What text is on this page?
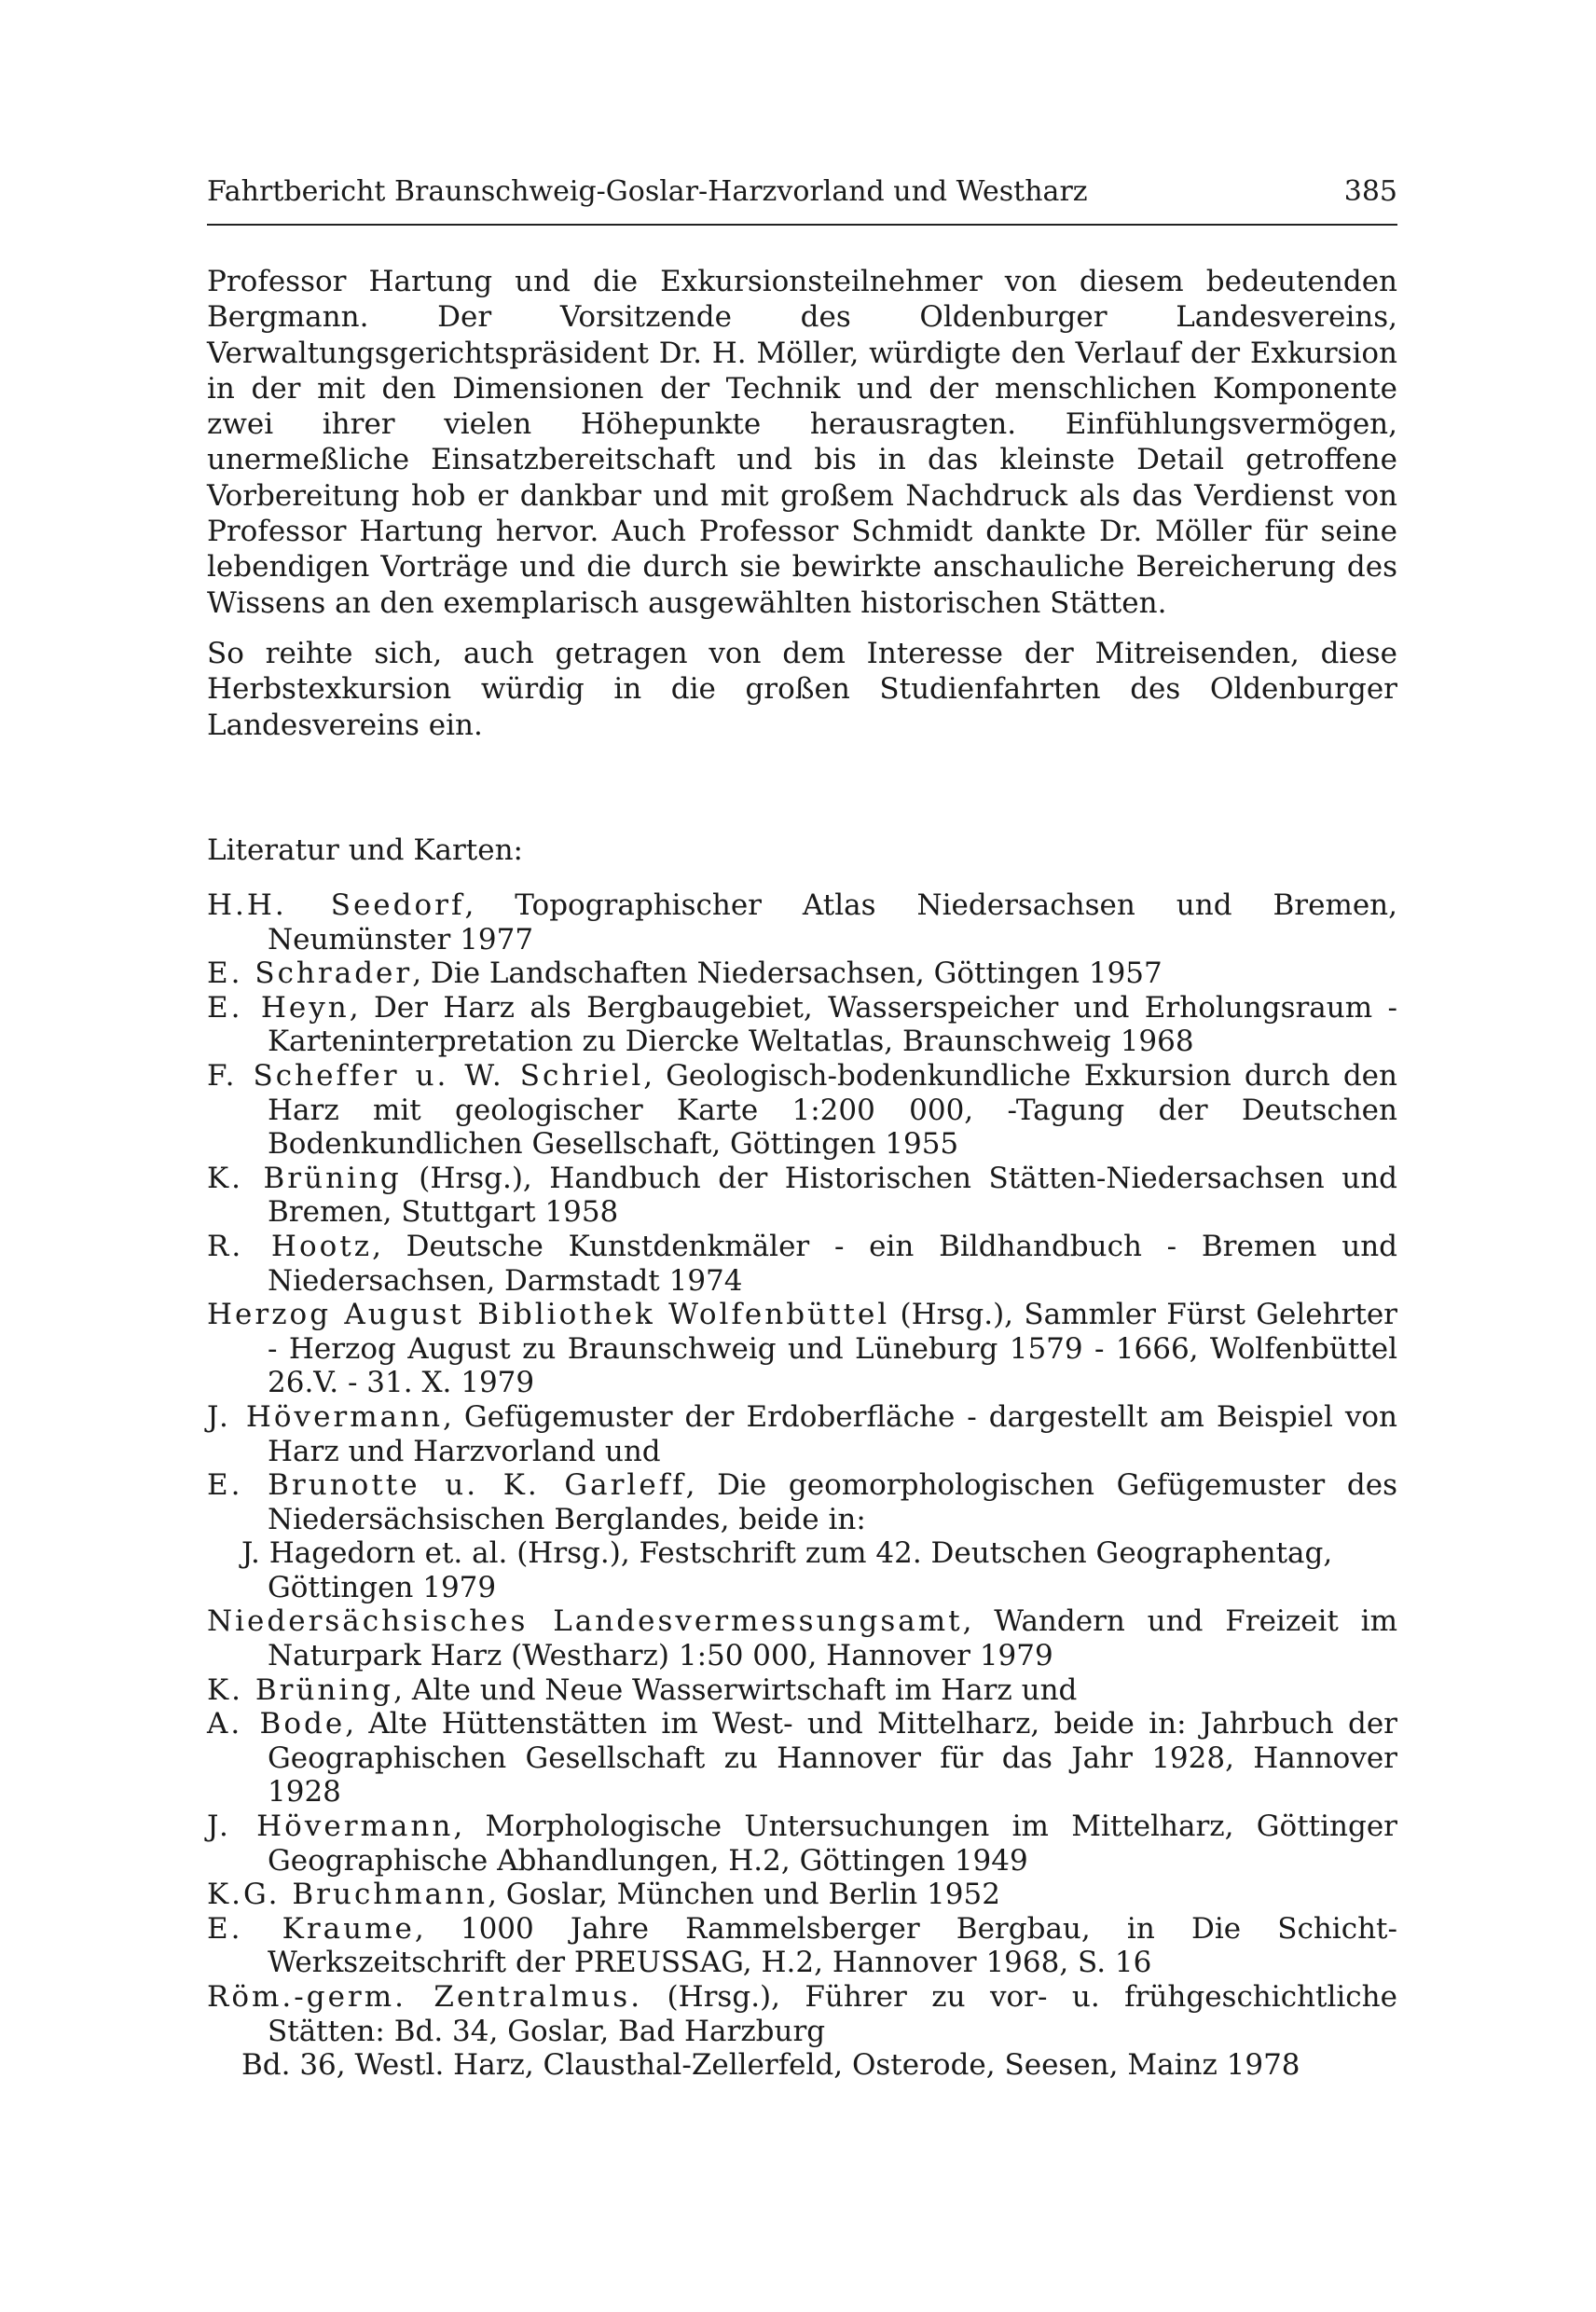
Fahrtbericht Braunschweig-Goslar-Harzvorland und Westharz	385

Professor Hartung und die Exkursionsteilnehmer von diesem bedeutenden Bergmann. Der Vorsitzende des Oldenburger Landesvereins, Verwaltungsgerichtspräsident Dr. H. Möller, würdigte den Verlauf der Exkursion in der mit den Dimensionen der Technik und der menschlichen Komponente zwei ihrer vielen Höhepunkte herausragten. Einfühlungsvermögen, unermeßliche Einsatzbereitschaft und bis in das kleinste Detail getroffene Vorbereitung hob er dankbar und mit großem Nachdruck als das Verdienst von Professor Hartung hervor. Auch Professor Schmidt dankte Dr. Möller für seine lebendigen Vorträge und die durch sie bewirkte anschauliche Bereicherung des Wissens an den exemplarisch ausgewählten historischen Stätten.

So reihte sich, auch getragen von dem Interesse der Mitreisenden, diese Herbstexkursion würdig in die großen Studienfahrten des Oldenburger Landesvereins ein.

Literatur und Karten:
H.H. Seedorf, Topographischer Atlas Niedersachsen und Bremen, Neumünster 1977
E. Schrader, Die Landschaften Niedersachsen, Göttingen 1957
E. Heyn, Der Harz als Bergbaugebiet, Wasserspeicher und Erholungsraum - Karteninterpretation zu Diercke Weltatlas, Braunschweig 1968
F. Scheffer u. W. Schriel, Geologisch-bodenkundliche Exkursion durch den Harz mit geologischer Karte 1:200 000, -Tagung der Deutschen Bodenkundlichen Gesellschaft, Göttingen 1955
K. Brüning (Hrsg.), Handbuch der Historischen Stätten-Niedersachsen und Bremen, Stuttgart 1958
R. Hootz, Deutsche Kunstdenkmäler - ein Bildhandbuch - Bremen und Niedersachsen, Darmstadt 1974
Herzog August Bibliothek Wolfenbüttel (Hrsg.), Sammler Fürst Gelehrter - Herzog August zu Braunschweig und Lüneburg 1579 - 1666, Wolfenbüttel 26.V. - 31. X. 1979
J. Hövermann, Gefügemuster der Erdoberfläche - dargestellt am Beispiel von Harz und Harzvorland und
E. Brunotte u. K. Garleff, Die geomorphologischen Gefügemuster des Niedersächsischen Berglandes, beide in:
J. Hagedorn et. al. (Hrsg.), Festschrift zum 42. Deutschen Geographentag, Göttingen 1979
Niedersächsisches Landesvermessungsamt, Wandern und Freizeit im Naturpark Harz (Westharz) 1:50 000, Hannover 1979
K. Brüning, Alte und Neue Wasserwirtschaft im Harz und
A. Bode, Alte Hüttenstätten im West- und Mittelharz, beide in: Jahrbuch der Geographischen Gesellschaft zu Hannover für das Jahr 1928, Hannover 1928
J. Hövermann, Morphologische Untersuchungen im Mittelharz, Göttinger Geographische Abhandlungen, H.2, Göttingen 1949
K.G. Bruchmann, Goslar, München und Berlin 1952
E. Kraume, 1000 Jahre Rammelsberger Bergbau, in Die Schicht-Werkszeitschrift der PREUSSAG, H.2, Hannover 1968, S. 16
Röm.-germ. Zentralmus. (Hrsg.), Führer zu vor- u. frühgeschichtliche Stätten: Bd. 34, Goslar, Bad Harzburg
Bd. 36, Westl. Harz, Clausthal-Zellerfeld, Osterode, Seesen, Mainz 1978
